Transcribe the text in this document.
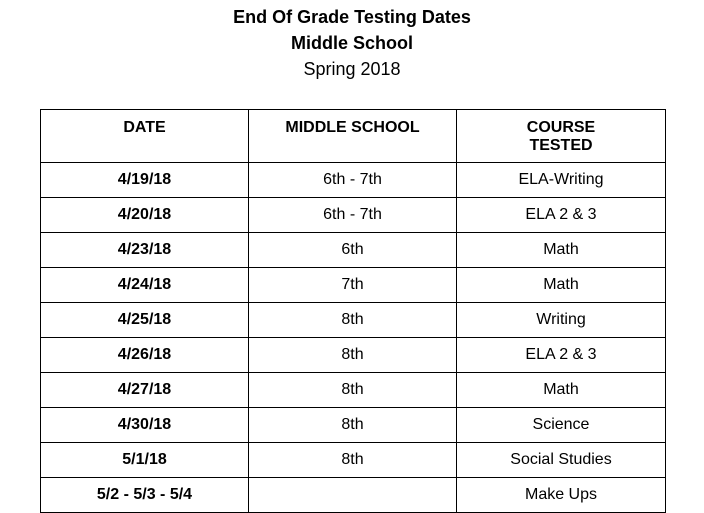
End Of Grade Testing Dates
Middle School
Spring 2018
DATE	MIDDLE SCHOOL	COURSE
TESTED

4/19/18	6th - 7th	ELA-Writing
4/20/18	6th - 7th	ELA 2 & 3
4/23/18	6th	Math
4/24/18	7th	Math
4/25/18	8th	Writing
4/26/18	8th	ELA 2 & 3
4/27/18	8th	Math
4/30/18	8th	Science
5/1/18	8th	Social Studies
5/2 - 5/3 - 5/4		Make Ups
